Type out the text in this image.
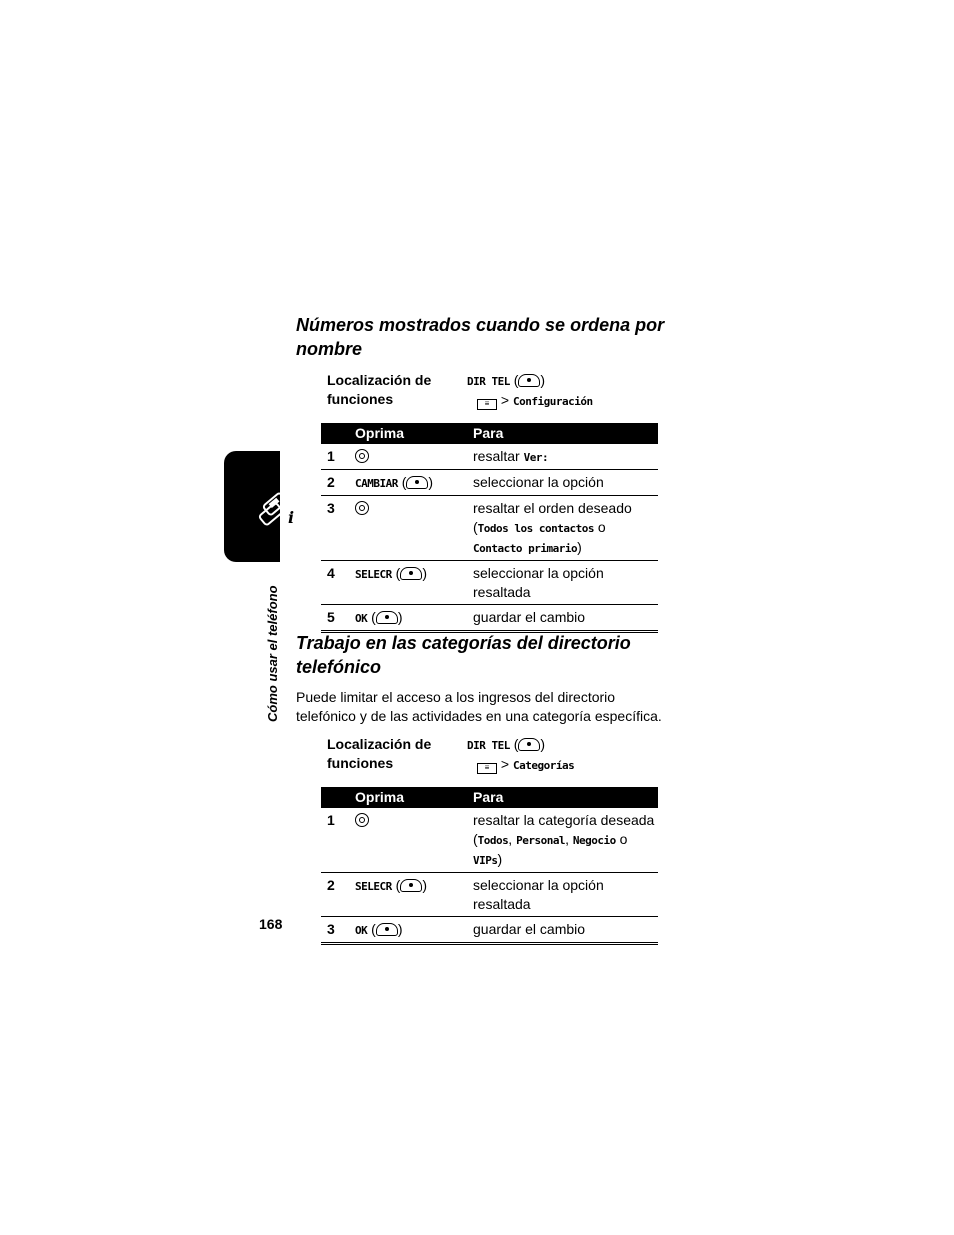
i
Cómo usar el teléfono
Números mostrados cuando se ordena por nombre
Localización de funciones
DIR TEL ( )
≡ > Configuración
	Oprima	Para
1		resaltar Ver:
2	CAMBIAR ( )	seleccionar la opción
3		resaltar el orden deseado
(Todos los contactos o
Contacto primario)
4	SELECR ( )	seleccionar la opción resaltada
5	OK ( )	guardar el cambio
Trabajo en las categorías del directorio telefónico

Puede limitar el acceso a los ingresos del directorio telefónico y de las actividades en una categoría específica.

Localización de funciones
DIR TEL ( )
≡ > Categorías
	Oprima	Para
1		resaltar la categoría deseada
(Todos, Personal, Negocio o VIPs)
2	SELECR ( )	seleccionar la opción resaltada
3	OK ( )	guardar el cambio
168
